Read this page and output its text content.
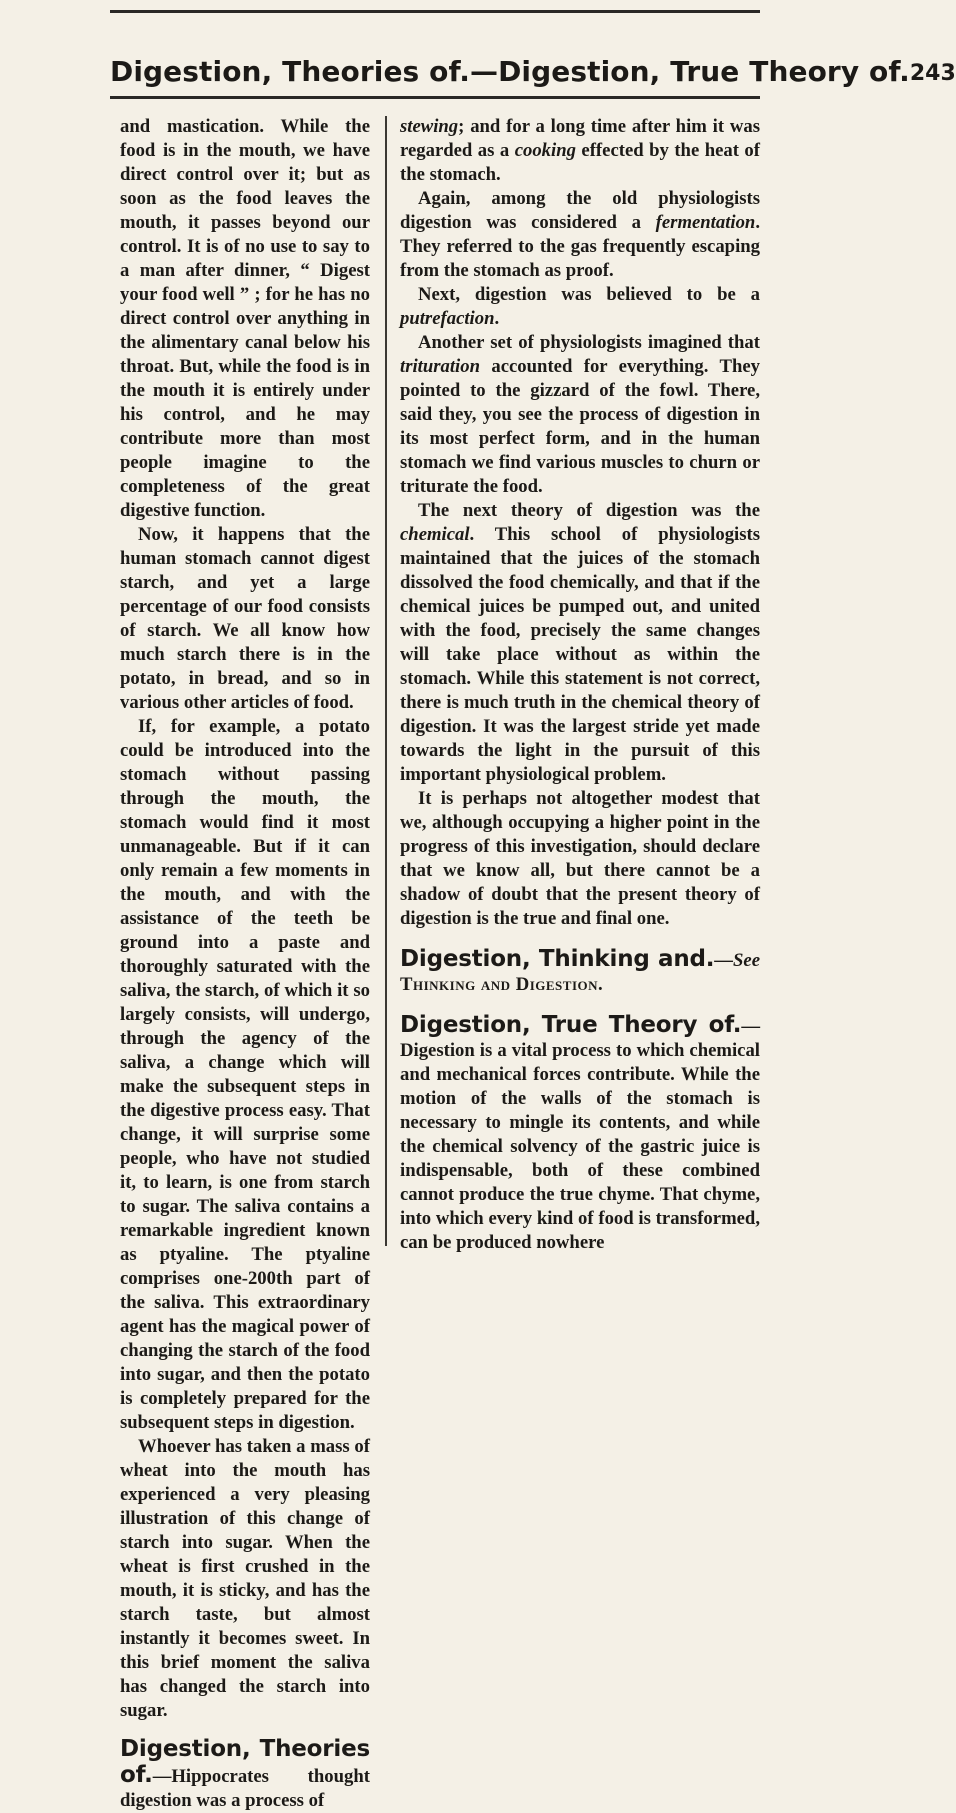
Digestion, Theories of.—Digestion, True Theory of. 243

and mastication. While the food is in the mouth, we have direct control over it; but as soon as the food leaves the mouth, it passes beyond our control. It is of no use to say to a man after dinner, “ Digest your food well ” ; for he has no direct control over anything in the alimentary canal below his throat. But, while the food is in the mouth it is entirely under his control, and he may contribute more than most people imagine to the completeness of the great digestive function.

Now, it happens that the human stomach cannot digest starch, and yet a large percentage of our food consists of starch. We all know how much starch there is in the potato, in bread, and so in various other articles of food.

If, for example, a potato could be introduced into the stomach without passing through the mouth, the stomach would find it most unmanageable. But if it can only remain a few moments in the mouth, and with the assistance of the teeth be ground into a paste and thoroughly saturated with the saliva, the starch, of which it so largely consists, will undergo, through the agency of the saliva, a change which will make the subsequent steps in the digestive process easy. That change, it will surprise some people, who have not studied it, to learn, is one from starch to sugar. The saliva contains a remarkable ingredient known as ptyaline. The ptyaline comprises one-200th part of the saliva. This extraordinary agent has the magical power of changing the starch of the food into sugar, and then the potato is completely prepared for the subsequent steps in digestion.

Whoever has taken a mass of wheat into the mouth has experienced a very pleasing illustration of this change of starch into sugar. When the wheat is first crushed in the mouth, it is sticky, and has the starch taste, but almost instantly it becomes sweet. In this brief moment the saliva has changed the starch into sugar.

Digestion, Theories of.—Hippocrates thought digestion was a process of

stewing; and for a long time after him it was regarded as a cooking effected by the heat of the stomach.

Again, among the old physiologists digestion was considered a fermentation. They referred to the gas frequently escaping from the stomach as proof.

Next, digestion was believed to be a putrefaction.

Another set of physiologists imagined that trituration accounted for everything. They pointed to the gizzard of the fowl. There, said they, you see the process of digestion in its most perfect form, and in the human stomach we find various muscles to churn or triturate the food.

The next theory of digestion was the chemical. This school of physiologists maintained that the juices of the stomach dissolved the food chemically, and that if the chemical juices be pumped out, and united with the food, precisely the same changes will take place without as within the stomach. While this statement is not correct, there is much truth in the chemical theory of digestion. It was the largest stride yet made towards the light in the pursuit of this important physiological problem.

It is perhaps not altogether modest that we, although occupying a higher point in the progress of this investigation, should declare that we know all, but there cannot be a shadow of doubt that the present theory of digestion is the true and final one.

Digestion, Thinking and.—See Thinking and Digestion.

Digestion, True Theory of.— Digestion is a vital process to which chemical and mechanical forces contribute. While the motion of the walls of the stomach is necessary to mingle its contents, and while the chemical solvency of the gastric juice is indispensable, both of these combined cannot produce the true chyme. That chyme, into which every kind of food is transformed, can be produced nowhere
